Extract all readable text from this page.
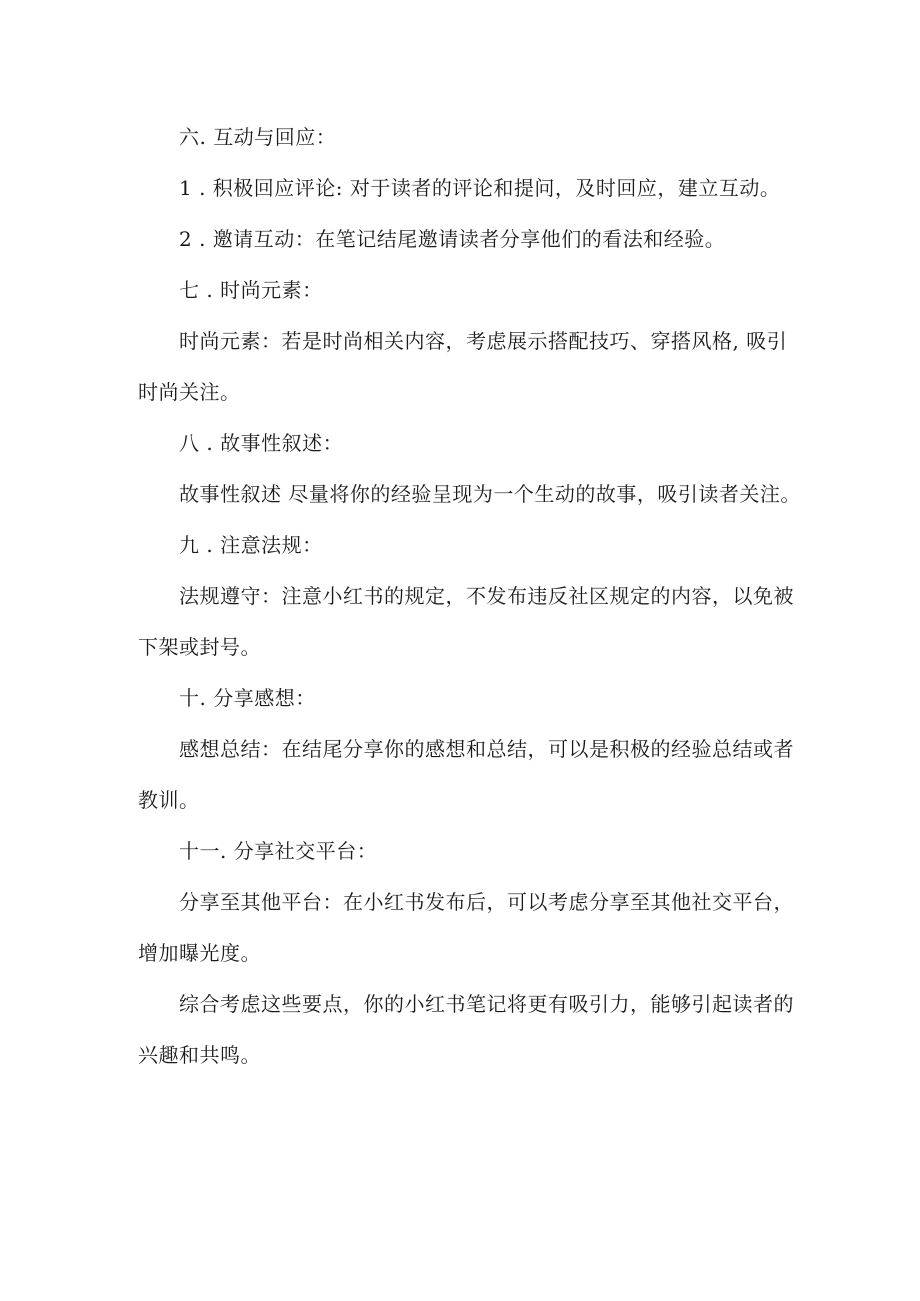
六. 互动与回应：
1 . 积极回应评论: 对于读者的评论和提问，及时回应，建立互动。
2 . 邀请互动：在笔记结尾邀请读者分享他们的看法和经验。
七 . 时尚元素：
时尚元素：若是时尚相关内容，考虑展示搭配技巧、穿搭风格, 吸引
时尚关注。
八 . 故事性叙述：
故事性叙述 尽量将你的经验呈现为一个生动的故事，吸引读者关注。
九 . 注意法规：
法规遵守：注意小红书的规定，不发布违反社区规定的内容，以免被
下架或封号。
十. 分享感想：
感想总结：在结尾分享你的感想和总结，可以是积极的经验总结或者
教训。
十一. 分享社交平台：
分享至其他平台：在小红书发布后，可以考虑分享至其他社交平台，
增加曝光度。
综合考虑这些要点，你的小红书笔记将更有吸引力，能够引起读者的
兴趣和共鸣。
